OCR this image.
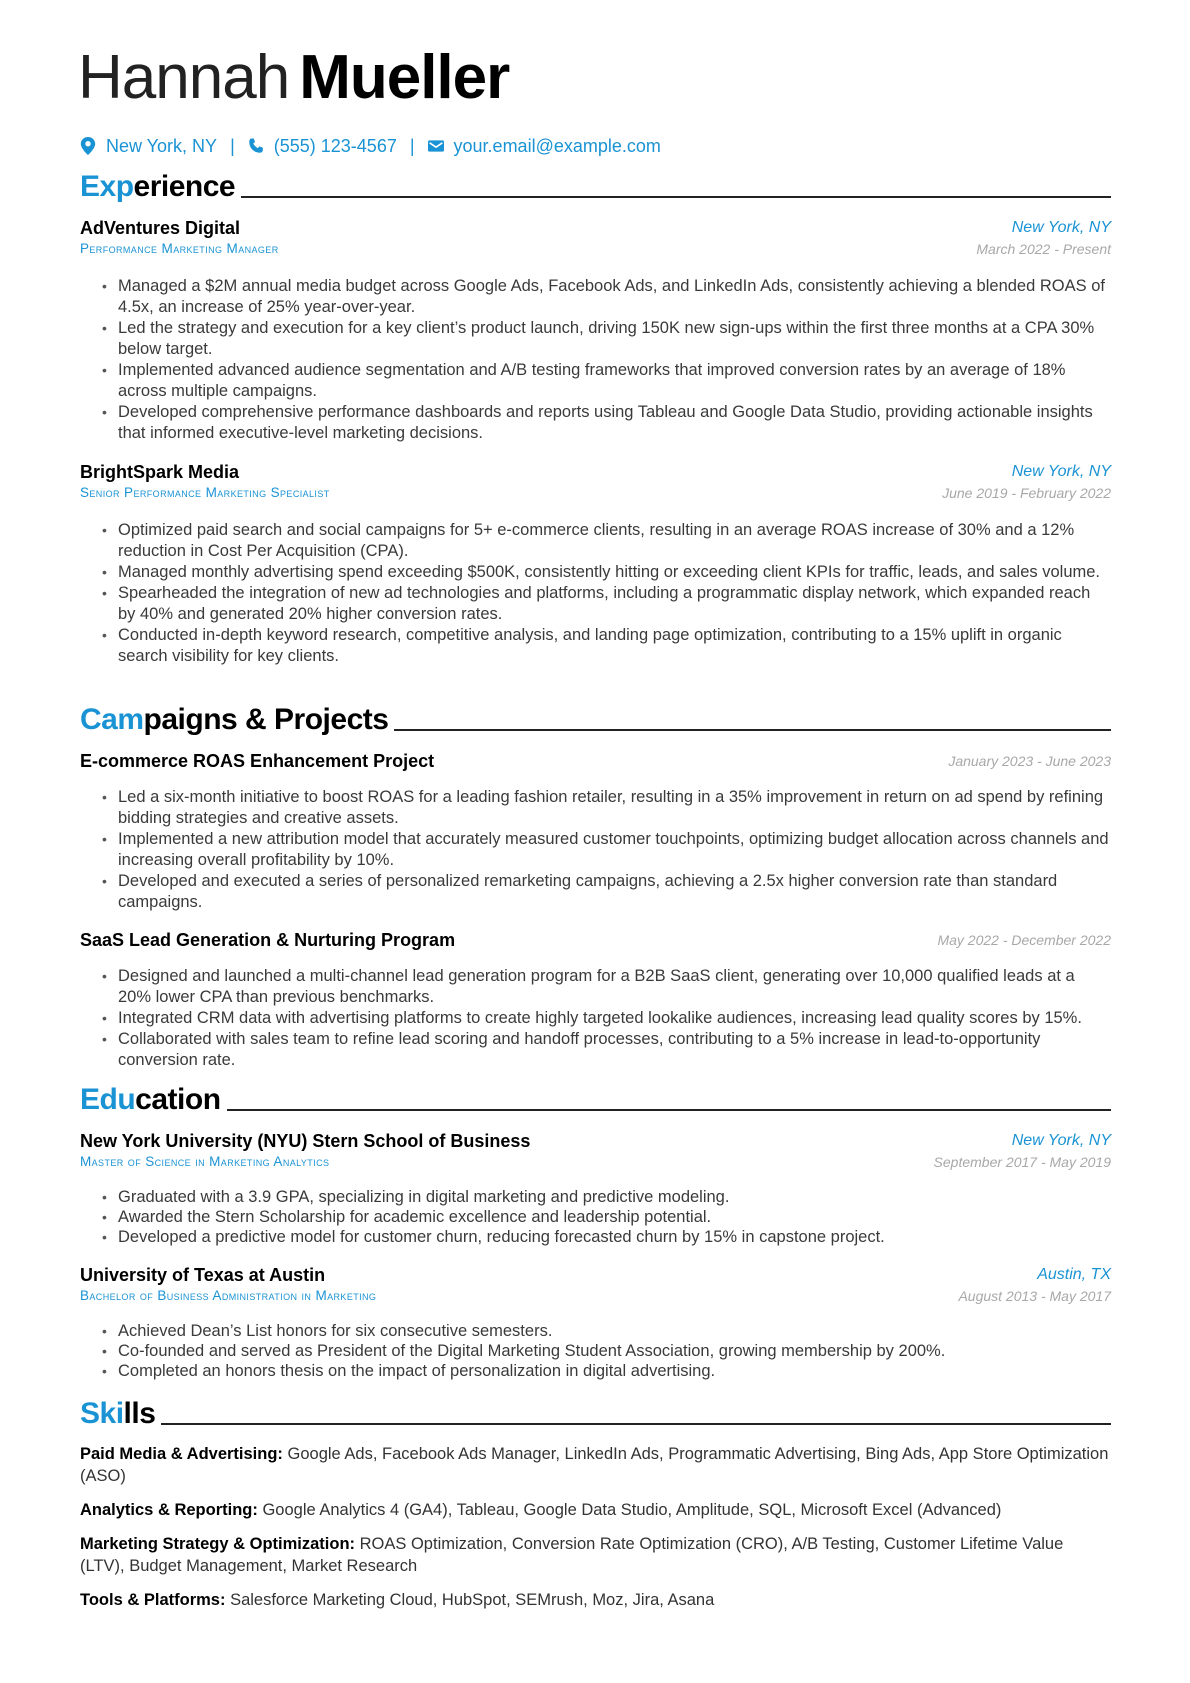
Hannah Mueller
New York, NY | (555) 123-4567 | your.email@example.com
Exp erience
AdVentures Digital	New York, NY
Performance Marketing Manager	March 2022 - Present
• Managed a $2M annual media budget across Google Ads, Facebook Ads, and LinkedIn Ads, consistently achieving a blended ROAS of 4.5x, an increase of 25% year-over-year.
• Led the strategy and execution for a key client’s product launch, driving 150K new sign-ups within the first three months at a CPA 30% below target.
• Implemented advanced audience segmentation and A/B testing frameworks that improved conversion rates by an average of 18% across multiple campaigns.
• Developed comprehensive performance dashboards and reports using Tableau and Google Data Studio, providing actionable insights that informed executive-level marketing decisions.
BrightSpark Media	New York, NY
Senior Performance Marketing Specialist	June 2019 - February 2022
• Optimized paid search and social campaigns for 5+ e-commerce clients, resulting in an average ROAS increase of 30% and a 12% reduction in Cost Per Acquisition (CPA).
• Managed monthly advertising spend exceeding $500K, consistently hitting or exceeding client KPIs for traffic, leads, and sales volume.
• Spearheaded the integration of new ad technologies and platforms, including a programmatic display network, which expanded reach by 40% and generated 20% higher conversion rates.
• Conducted in-depth keyword research, competitive analysis, and landing page optimization, contributing to a 15% uplift in organic search visibility for key clients.
Cam paigns & Projects
E-commerce ROAS Enhancement Project	January 2023 - June 2023
• Led a six-month initiative to boost ROAS for a leading fashion retailer, resulting in a 35% improvement in return on ad spend by refining bidding strategies and creative assets.
• Implemented a new attribution model that accurately measured customer touchpoints, optimizing budget allocation across channels and increasing overall profitability by 10%.
• Developed and executed a series of personalized remarketing campaigns, achieving a 2.5x higher conversion rate than standard campaigns.
SaaS Lead Generation & Nurturing Program	May 2022 - December 2022
• Designed and launched a multi-channel lead generation program for a B2B SaaS client, generating over 10,000 qualified leads at a 20% lower CPA than previous benchmarks.
• Integrated CRM data with advertising platforms to create highly targeted lookalike audiences, increasing lead quality scores by 15%.
• Collaborated with sales team to refine lead scoring and handoff processes, contributing to a 5% increase in lead-to-opportunity conversion rate.
Edu cation
New York University (NYU) Stern School of Business	New York, NY
Master of Science in Marketing Analytics	September 2017 - May 2019
• Graduated with a 3.9 GPA, specializing in digital marketing and predictive modeling.
• Awarded the Stern Scholarship for academic excellence and leadership potential.
• Developed a predictive model for customer churn, reducing forecasted churn by 15% in capstone project.
University of Texas at Austin	Austin, TX
Bachelor of Business Administration in Marketing	August 2013 - May 2017
• Achieved Dean’s List honors for six consecutive semesters.
• Co-founded and served as President of the Digital Marketing Student Association, growing membership by 200%.
• Completed an honors thesis on the impact of personalization in digital advertising.
Ski lls
Paid Media & Advertising: Google Ads, Facebook Ads Manager, LinkedIn Ads, Programmatic Advertising, Bing Ads, App Store Optimization (ASO)
Analytics & Reporting: Google Analytics 4 (GA4), Tableau, Google Data Studio, Amplitude, SQL, Microsoft Excel (Advanced)
Marketing Strategy & Optimization: ROAS Optimization, Conversion Rate Optimization (CRO), A/B Testing, Customer Lifetime Value (LTV), Budget Management, Market Research
Tools & Platforms: Salesforce Marketing Cloud, HubSpot, SEMrush, Moz, Jira, Asana
